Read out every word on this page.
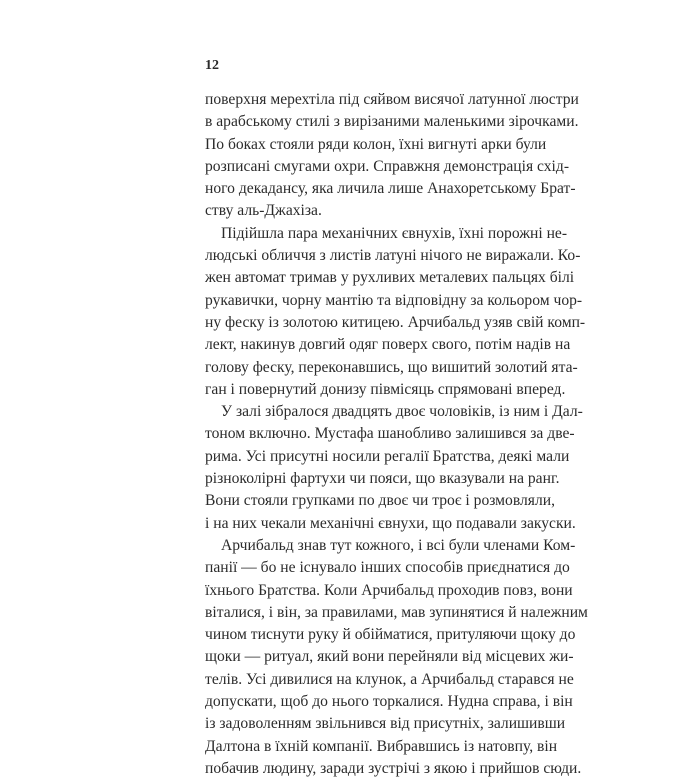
12
поверхня мерехтіла під сяйвом висячої латунної люстри
в арабському стилі з вирізаними маленькими зірочками.
По боках стояли ряди колон, їхні вигнуті арки були
розписані смугами охри. Справжня демонстрація схід-
ного декадансу, яка личила лише Анахоретському Брат-
ству аль-Джахіза.
Підійшла пара механічних євнухів, їхні порожні не-
людські обличчя з листів латуні нічого не виражали. Ко-
жен автомат тримав у рухливих металевих пальцях білі
рукавички, чорну мантію та відповідну за кольором чор-
ну феску із золотою китицею. Арчибальд узяв свій комп-
лект, накинув довгий одяг поверх свого, потім надів на
голову феску, переконавшись, що вишитий золотий ята-
ган і повернутий донизу півмісяць спрямовані вперед.
У залі зібралося двадцять двоє чоловіків, із ним і Дал-
тоном включно. Мустафа шанобливо залишився за две-
рима. Усі присутні носили регалії Братства, деякі мали
різноколірні фартухи чи пояси, що вказували на ранг.
Вони стояли групками по двоє чи троє і розмовляли,
і на них чекали механічні євнухи, що подавали закуски.
Арчибальд знав тут кожного, і всі були членами Ком-
панії — бо не існувало інших способів приєднатися до
їхнього Братства. Коли Арчибальд проходив повз, вони
віталися, і він, за правилами, мав зупинятися й належним
чином тиснути руку й обійматися, притуляючи щоку до
щоки — ритуал, який вони перейняли від місцевих жи-
телів. Усі дивилися на клунок, а Арчибальд старався не
допускати, щоб до нього торкалися. Нудна справа, і він
із задоволенням звільнився від присутніх, залишивши
Далтона в їхній компанії. Вибравшись із натовпу, він
побачив людину, заради зустрічі з якою і прийшов сюди.
